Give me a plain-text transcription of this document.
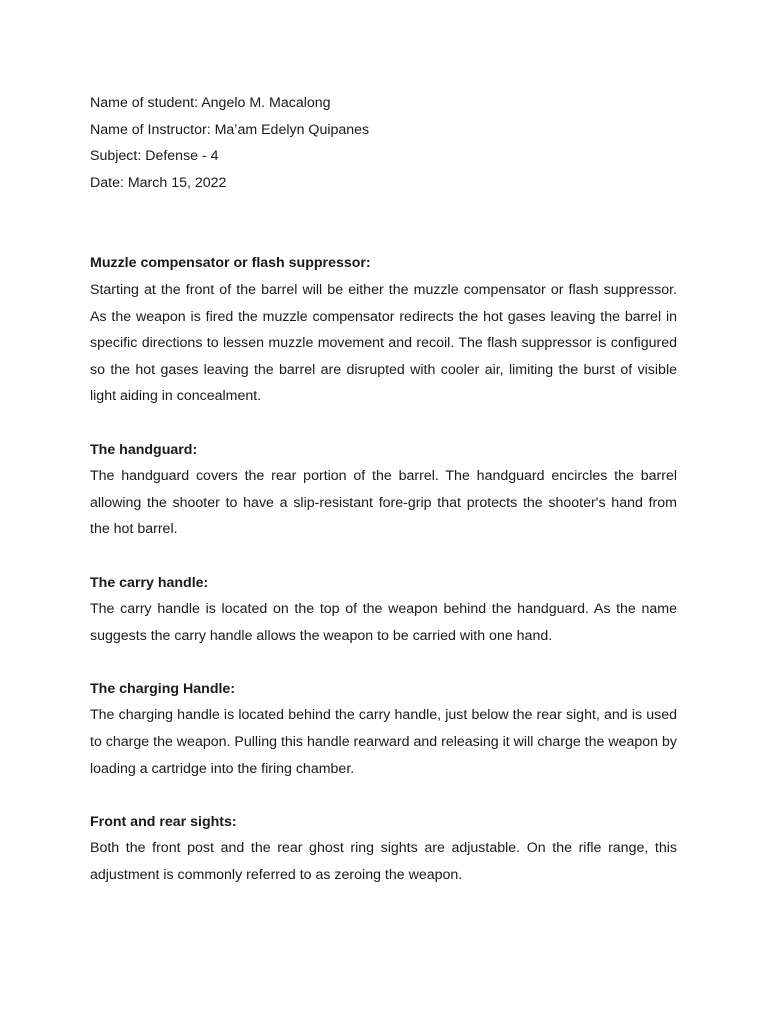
Name of student: Angelo M. Macalong

Name of Instructor: Ma’am Edelyn Quipanes

Subject: Defense - 4

Date: March 15, 2022

Muzzle compensator or flash suppressor:

Starting at the front of the barrel will be either the muzzle compensator or flash suppressor. As the weapon is fired the muzzle compensator redirects the hot gases leaving the barrel in specific directions to lessen muzzle movement and recoil. The flash suppressor is configured so the hot gases leaving the barrel are disrupted with cooler air, limiting the burst of visible light aiding in concealment.

The handguard:

The handguard covers the rear portion of the barrel. The handguard encircles the barrel allowing the shooter to have a slip-resistant fore-grip that protects the shooter's hand from the hot barrel.

The carry handle:

The carry handle is located on the top of the weapon behind the handguard. As the name suggests the carry handle allows the weapon to be carried with one hand.

The charging Handle:

The charging handle is located behind the carry handle, just below the rear sight, and is used to charge the weapon. Pulling this handle rearward and releasing it will charge the weapon by loading a cartridge into the firing chamber.

Front and rear sights:

Both the front post and the rear ghost ring sights are adjustable. On the rifle range, this adjustment is commonly referred to as zeroing the weapon.
